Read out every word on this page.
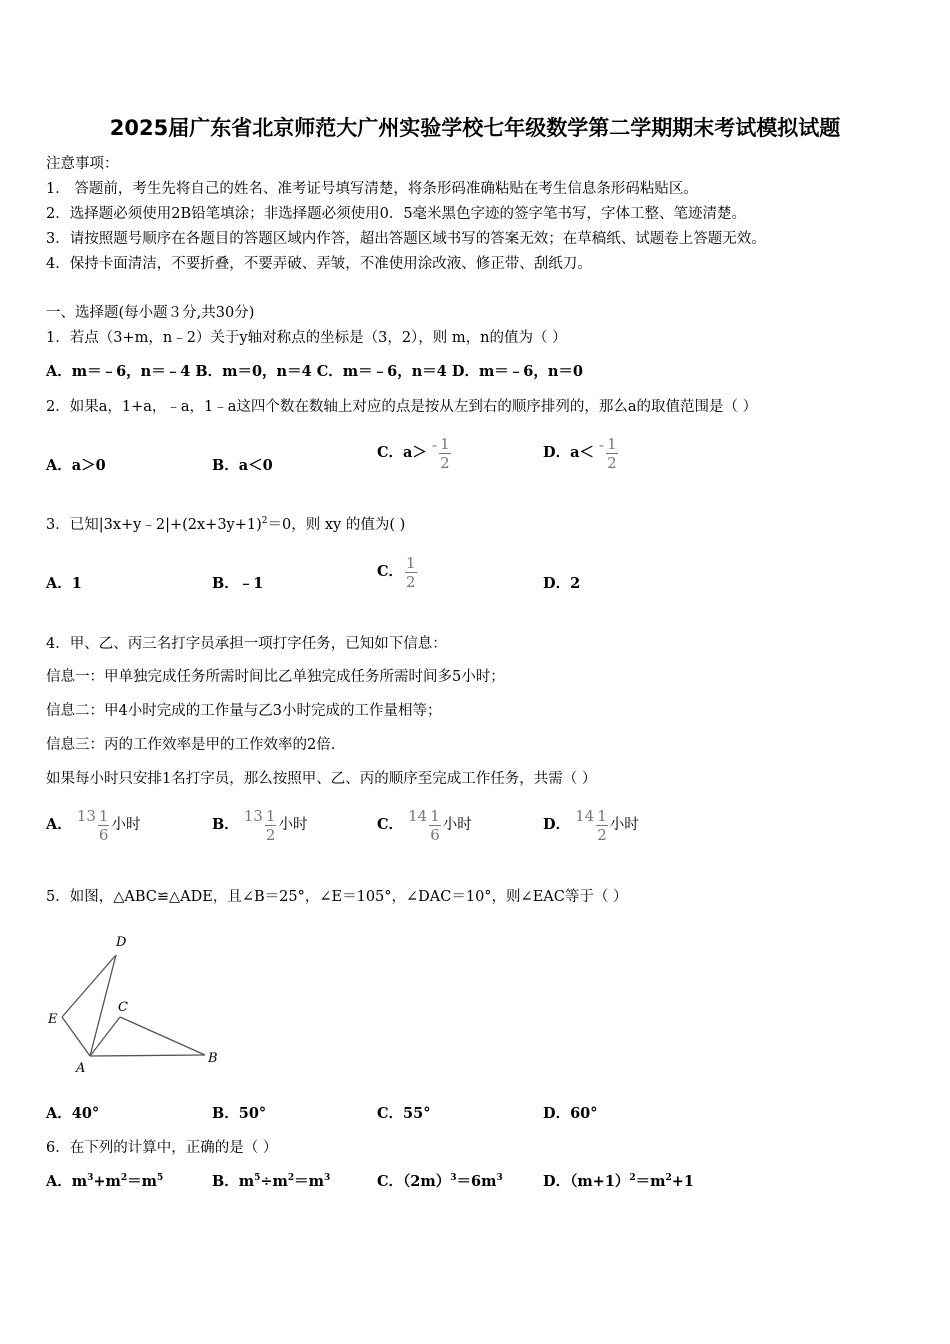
2025届广东省北京师范大广州实验学校七年级数学第二学期期末考试模拟试题
注意事项：
1． 答题前，考生先将自己的姓名、准考证号填写清楚，将条形码准确粘贴在考生信息条形码粘贴区。
2．选择题必须使用2B铅笔填涂；非选择题必须使用0．5毫米黑色字迹的签字笔书写，字体工整、笔迹清楚。
3．请按照题号顺序在各题目的答题区域内作答，超出答题区域书写的答案无效；在草稿纸、试题卷上答题无效。
4．保持卡面清洁，不要折叠，不要弄破、弄皱，不准使用涂改液、修正带、刮纸刀。
一、选择题(每小题３分,共30分)
1．若点（3+m，n﹣2）关于y轴对称点的坐标是（3，2），则 m，n的值为（ ）
A．m＝﹣6，n＝﹣4 B．m＝0，n＝4 C．m＝﹣6，n＝4 D．m＝﹣6，n＝0
2．如果a，1+a，﹣a，1﹣a这四个数在数轴上对应的点是按从左到右的顺序排列的，那么a的取值范围是（ ）
A．a＞0	B．a＜0
C．$a> - \frac{1}{2}$	D．$a< - \frac{1}{2}$
3．已知$|3x+y﹣2|+(2x+3y+1)^2=0$，则 xy 的值为( )
A．1	B．﹣1
C． $\frac{1}{2}$	D．2
4．甲、乙、丙三名打字员承担一项打字任务，已知如下信息：
信息一：甲单独完成任务所需时间比乙单独完成任务所需时间多5小时；
信息二：甲4小时完成的工作量与乙3小时完成的工作量相等；
信息三：丙的工作效率是甲的工作效率的2倍.
如果每小时只安排1名打字员，那么按照甲、乙、丙的顺序至完成工作任务，共需（ ）
A． $13 \frac{1}{6}$ 小时	B． $13 \frac{1}{2}$ 小时	C． $14 \frac{1}{6}$ 小时	D． $14 \frac{1}{2}$ 小时
5．如图，△ABC≌△ADE，且∠B＝25°，∠E＝105°，∠DAC＝10°，则∠EAC等于（ ）
D
C
E
A
B
A．40°	B．50°	C．55°	D．60°
6．在下列的计算中，正确的是（ ）
A．$m^3+m^2=m^5$	B．$m^5\div m^2=m^3$	C．$(2m)^3=6m^3$	D．$(m+1)^2=m^2+1$
